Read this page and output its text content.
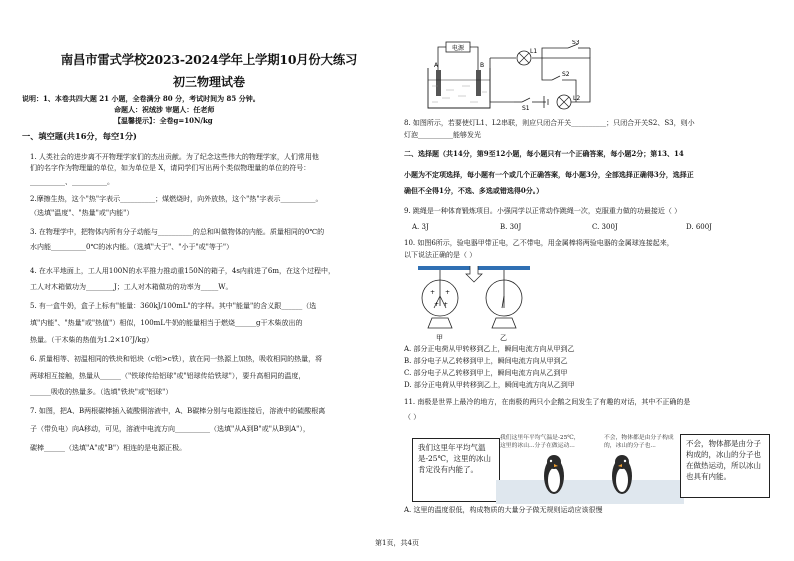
南昌市雷式学校2023-2024学年上学期10月份大练习
初三物理试卷
说明：1、本卷共四大题 21 小题，全卷满分 80 分，考试时间为 85 分钟。
命题人：祝绒涉 审题人：任老师
【温馨提示】：全卷g=10N/kg
一、填空题(共16分，每空1分)
1. 人类社会的进步离不开物理学家们的杰出贡献。为了纪念这些伟大的物理学家，人们常用他
们的名字作为物理量的单位，如为单位是 X，请同学们写出两个类似物理量的单位的符号：
__________、__________。
2.摩擦生热，这个"热"字表示__________；煤燃烧时，向外放热，这个"热"字表示__________。
（选填"温度"、"热量"或"内能"）
3. 在物理学中，把物体内所有分子动能与__________的总和叫做物体的内能。质量相同的0℃的
水内能__________0℃的冰内能。（选填"大于"、"小于"或"等于"）
4. 在水平地面上，工人用100N的水平推力推动重150N的箱子，4s内前进了6m，在这个过程中，
工人对木箱做功为________J；工人对木箱做功的功率为_____W。
5. 有一盒牛奶，盒子上标有"能量：360kJ/100mL"的字样。其中"能量"的含义跟______（选
填"内能"、"热量"或"热值"）相似，100mL牛奶的能量相当于燃烧______g干木柴放出的
热量。（干木柴的热值为1.2×10⁷J/kg）
6. 质量相等、初温相同的铁块和铝块（c铝>c铁），放在同一热源上加热，吸收相同的热量，将
两球相互接触，热量从______（"铁球传给铝球"或"铝球传给铁球"），要升高相同的温度，
______吸收的热量多。（选填"铁块"或"铝球"）
7. 如图，把A、B两根碳棒插入硫酸铜溶液中，A、B碳棒分别与电源连接后，溶液中的硫酸根离
子（带负电）向A移动，可见，溶液中电流方向__________（选填"从A到B"或"从B到A"），
碳棒______（选填"A"或"B"）相连的是电源正极。
电源
A	B
L1
L2
S3
S2
S1
8. 如图所示，若要使灯L1、L2串联，则应只闭合开关__________；只闭合开关S2、S3，则小
灯泡__________能够发光
二、选择题（共14分，第9至12小题，每小题只有一个正确答案，每小题2分；第13、14
小题为不定项选择，每小题有一个或几个正确答案，每小题3分，全部选择正确得3分，选择正
确但不全得1分，不选、多选或错选得0分。）
9. 跳绳是一种体育锻炼项目。小强同学以正常动作跳绳一次，克服重力做的功最接近（ ）
A. 3J	B. 30J	C. 300J	D. 600J
10. 如图6所示，验电器甲带正电，乙不带电，用金属棒将两验电器的金属球连接起来，
以下说法正确的是（ ）
+ +
+ +
甲	乙
A. 部分正电荷从甲转移到乙上，瞬间电流方向从甲到乙
B. 部分电子从乙转移到甲上，瞬间电流方向从甲到乙
C. 部分电子从乙转移到甲上，瞬间电流方向从乙到甲
D. 部分正电荷从甲转移到乙上，瞬间电流方向从乙到甲
11. 南极是世界上最冷的地方，在南极的两只小企鹅之间发生了有趣的对话，其中不正确的是
（ ）
我们这里年平均气温是-25℃，这里的冰山肯定没有内能了。
我们这里年平均气温是-25℃，这里的冰山...分子在做运动...
不会，物体都是由分子构成的，冰山的分子也...	不会，物体都是由分子构成的，冰山的分子也在做热运动，所以冰山也具有内能。
A. 这里的温度很低，构成物质的大量分子做无规则运动应该很慢
第1页，共4页
